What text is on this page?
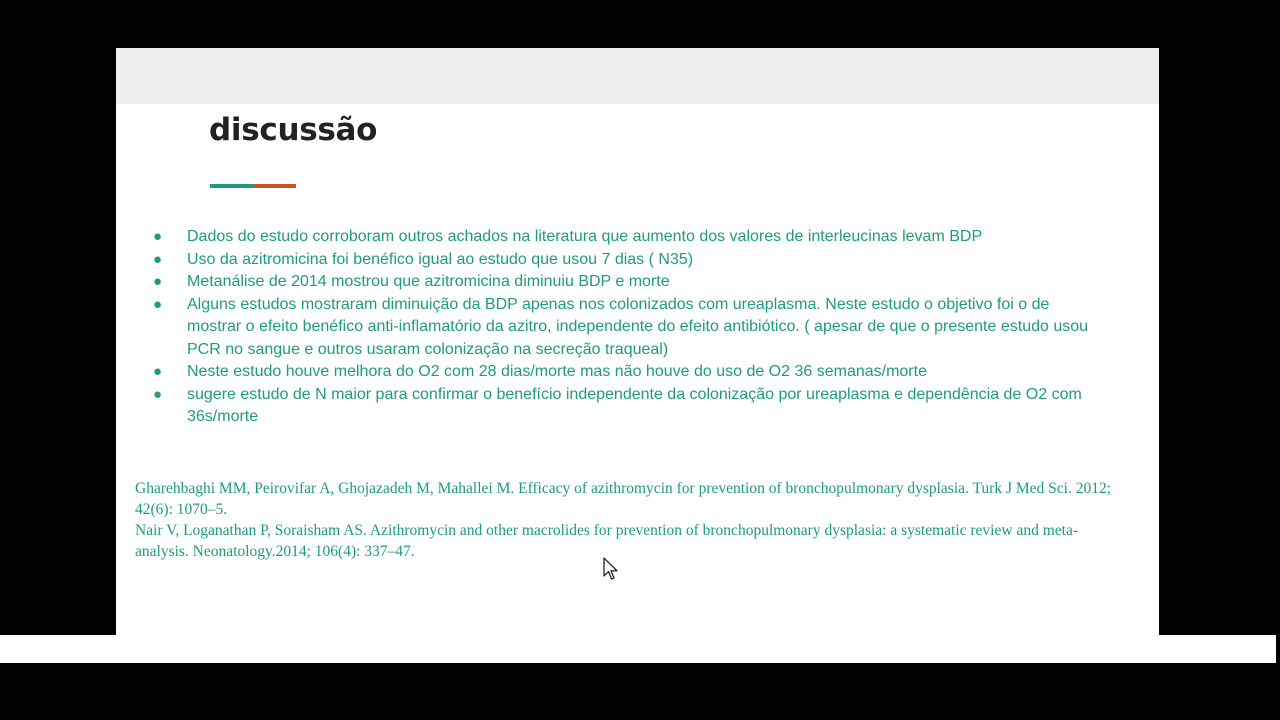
discussão
● Dados do estudo corroboram outros achados na literatura que aumento dos valores de interleucinas levam BDP
● Uso da azitromicina foi benéfico igual ao estudo que usou 7 dias ( N35)
● Metanálise de 2014 mostrou que azitromicina diminuiu BDP e morte
● Alguns estudos mostraram diminuição da BDP apenas nos colonizados com ureaplasma. Neste estudo o objetivo foi o de mostrar o efeito benéfico anti-inflamatório da azitro, independente do efeito antibiótico. ( apesar de que o presente estudo usou PCR no sangue e outros usaram colonização na secreção traqueal)
● Neste estudo houve melhora do O2 com 28 dias/morte mas não houve do uso de O2 36 semanas/morte
● sugere estudo de N maior para confirmar o benefício independente da colonização por ureaplasma e dependência de O2 com 36s/morte

Gharehbaghi MM, Peirovifar A, Ghojazadeh M, Mahallei M. Efficacy of azithromycin for prevention of bronchopulmonary dysplasia. Turk J Med Sci. 2012; 42(6): 1070–5.

Nair V, Loganathan P, Soraisham AS. Azithromycin and other macrolides for prevention of bronchopulmonary dysplasia: a systematic review and meta-analysis. Neonatology.2014; 106(4): 337–47.
